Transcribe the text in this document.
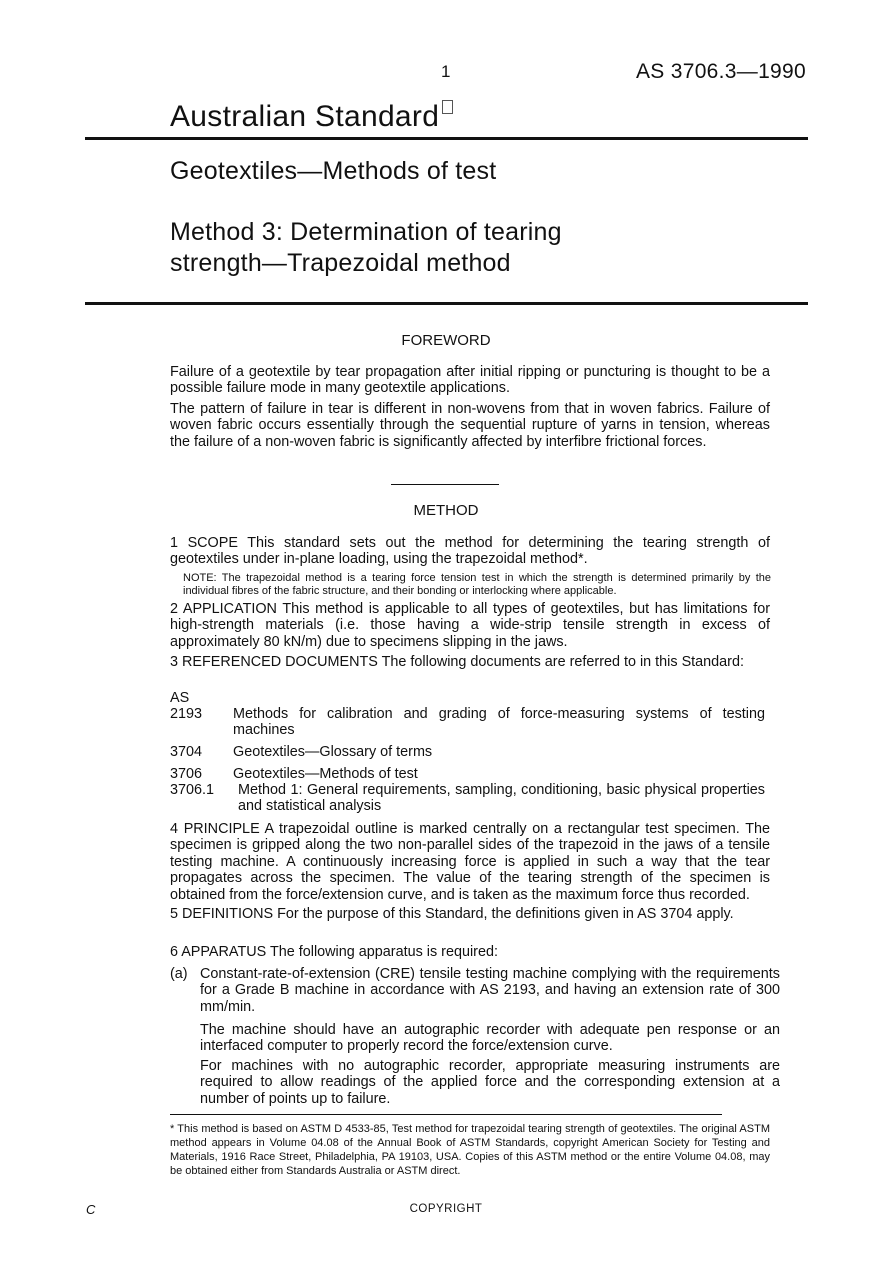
1	AS 3706.3—1990
Australian Standard
Geotextiles—Methods of test
Method 3: Determination of tearing
strength—Trapezoidal method
FOREWORD

Failure of a geotextile by tear propagation after initial ripping or puncturing is thought to be a possible failure mode in many geotextile applications.

The pattern of failure in tear is different in non-wovens from that in woven fabrics. Failure of woven fabric occurs essentially through the sequential rupture of yarns in tension, whereas the failure of a non-woven fabric is significantly affected by interfibre frictional forces.

METHOD

1 SCOPE This standard sets out the method for determining the tearing strength of geotextiles under in-plane loading, using the trapezoidal method*.

NOTE: The trapezoidal method is a tearing force tension test in which the strength is determined primarily by the individual fibres of the fabric structure, and their bonding or interlocking where applicable.

2 APPLICATION This method is applicable to all types of geotextiles, but has limitations for high-strength materials (i.e. those having a wide-strip tensile strength in excess of approximately 80 kN/m) due to specimens slipping in the jaws.

3 REFERENCED DOCUMENTS The following documents are referred to in this Standard:

AS
2193 Methods for calibration and grading of force-measuring systems of testing machines
3704 Geotextiles—Glossary of terms
3706 Geotextiles—Methods of test
3706.1 Method 1: General requirements, sampling, conditioning, basic physical properties and statistical analysis

4 PRINCIPLE A trapezoidal outline is marked centrally on a rectangular test specimen. The specimen is gripped along the two non-parallel sides of the trapezoid in the jaws of a tensile testing machine. A continuously increasing force is applied in such a way that the tear propagates across the specimen. The value of the tearing strength of the specimen is obtained from the force/extension curve, and is taken as the maximum force thus recorded.

5 DEFINITIONS For the purpose of this Standard, the definitions given in AS 3704 apply.

6 APPARATUS The following apparatus is required:

(a) Constant-rate-of-extension (CRE) tensile testing machine complying with the requirements for a Grade B machine in accordance with AS 2193, and having an extension rate of 300 mm/min.

The machine should have an autographic recorder with adequate pen response or an interfaced computer to properly record the force/extension curve.

For machines with no autographic recorder, appropriate measuring instruments are required to allow readings of the applied force and the corresponding extension at a number of points up to failure.

* This method is based on ASTM D 4533-85, Test method for trapezoidal tearing strength of geotextiles. The original ASTM method appears in Volume 04.08 of the Annual Book of ASTM Standards, copyright American Society for Testing and Materials, 1916 Race Street, Philadelphia, PA 19103, USA. Copies of this ASTM method or the entire Volume 04.08, may be obtained either from Standards Australia or ASTM direct.
C	COPYRIGHT
